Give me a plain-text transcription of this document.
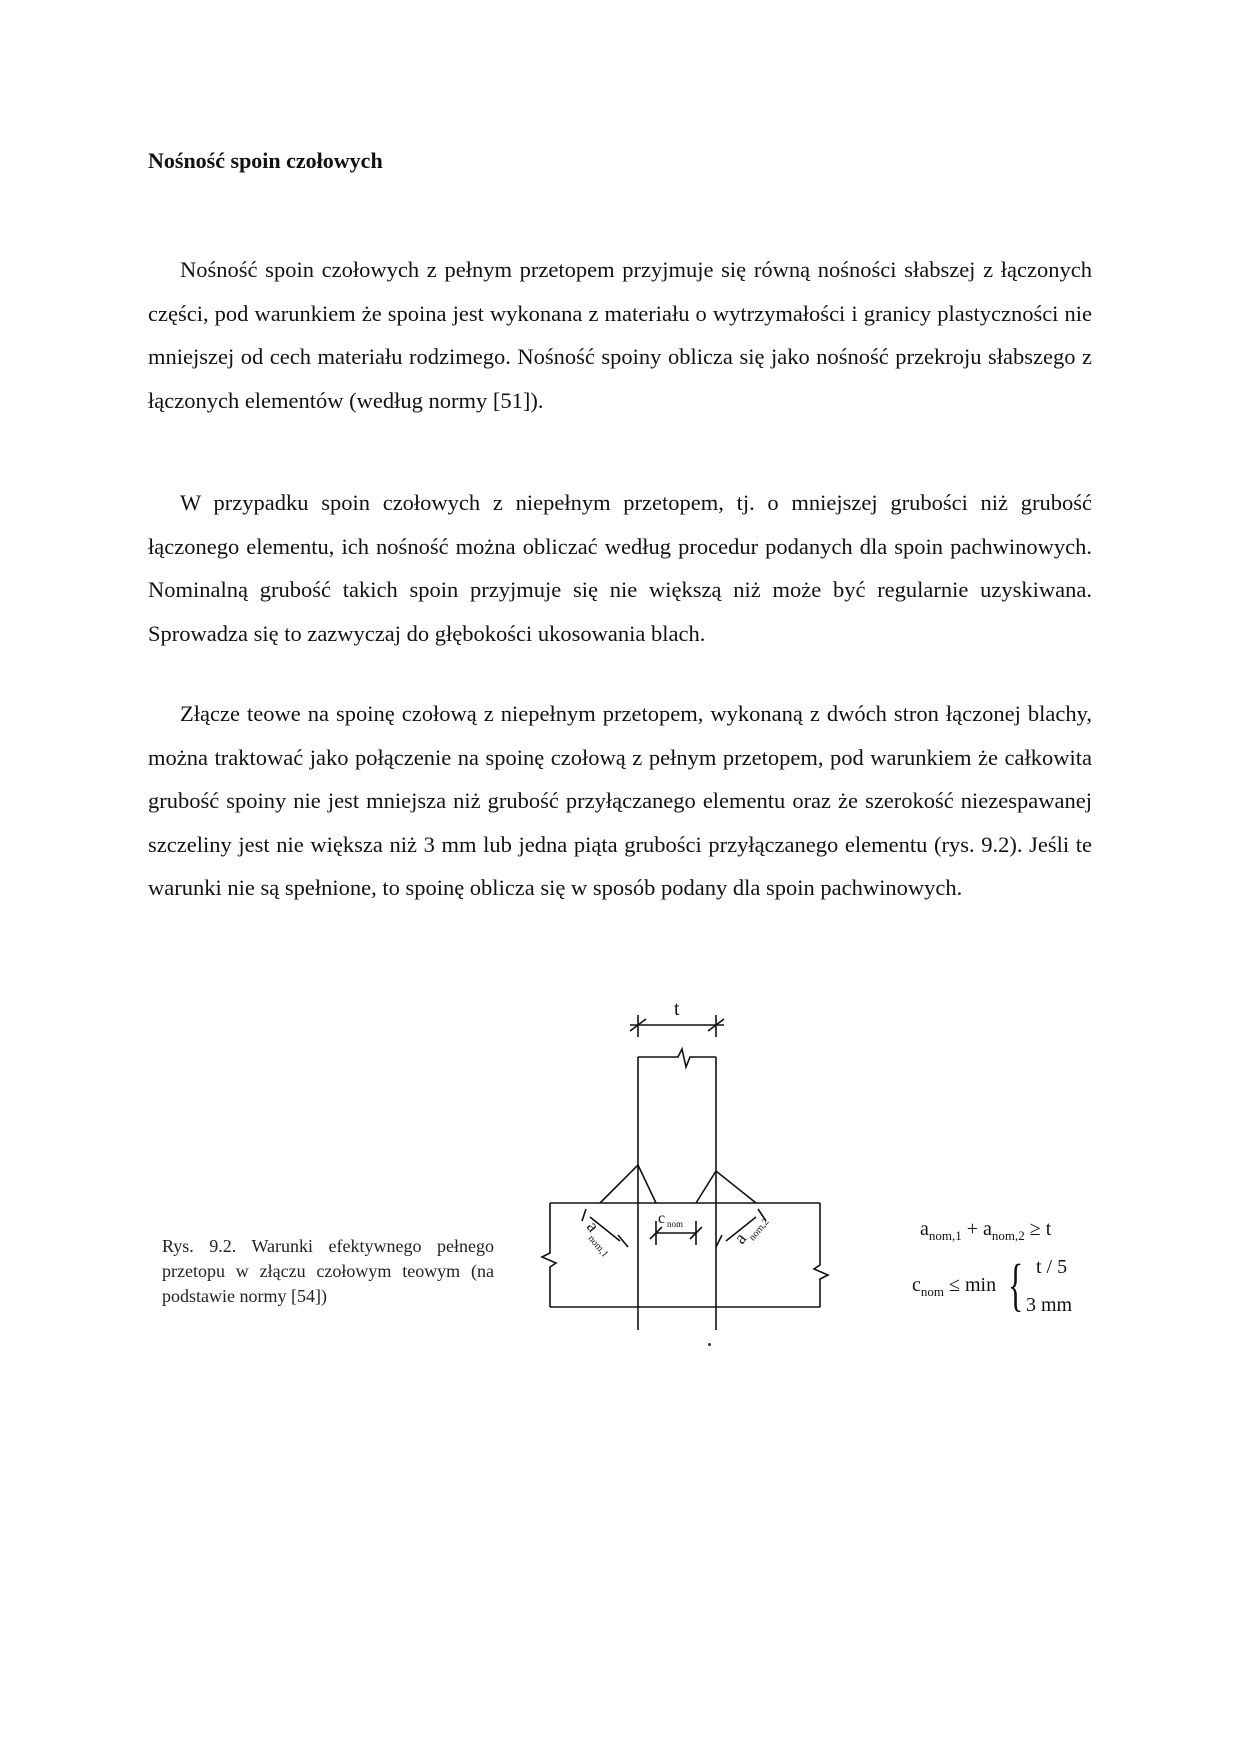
Nośność spoin czołowych

Nośność spoin czołowych z pełnym przetopem przyjmuje się równą nośności słabszej z łączonych części, pod warunkiem że spoina jest wykonana z materiału o wytrzymałości i granicy plastyczności nie mniejszej od cech materiału rodzimego. Nośność spoiny oblicza się jako nośność przekroju słabszego z łączonych elementów (według normy [51]).

W przypadku spoin czołowych z niepełnym przetopem, tj. o mniejszej grubości niż grubość łączonego elementu, ich nośność można obliczać według procedur podanych dla spoin pachwinowych. Nominalną grubość takich spoin przyjmuje się nie większą niż może być regularnie uzyskiwana. Sprowadza się to zazwyczaj do głębokości ukosowania blach.

Złącze teowe na spoinę czołową z niepełnym przetopem, wykonaną z dwóch stron łączonej blachy, można traktować jako połączenie na spoinę czołową z pełnym przetopem, pod warunkiem że całkowita grubość spoiny nie jest mniejsza niż grubość przyłączanego elementu oraz że szerokość niezespawanej szczeliny jest nie większa niż 3 mm lub jedna piąta grubości przyłączanego elementu (rys. 9.2). Jeśli te warunki nie są spełnione, to spoinę oblicza się w sposób podany dla spoin pachwinowych.

Rys. 9.2. Warunki efektywnego pełnego przetopu w złączu czołowym teowym (na podstawie normy [54])

t
a
nom,1	a
nom,2
c nom	$a_{nom,1} + a_{nom,2} \ge t$
$c_{nom} \le \min$ { t / 5
3 mm
